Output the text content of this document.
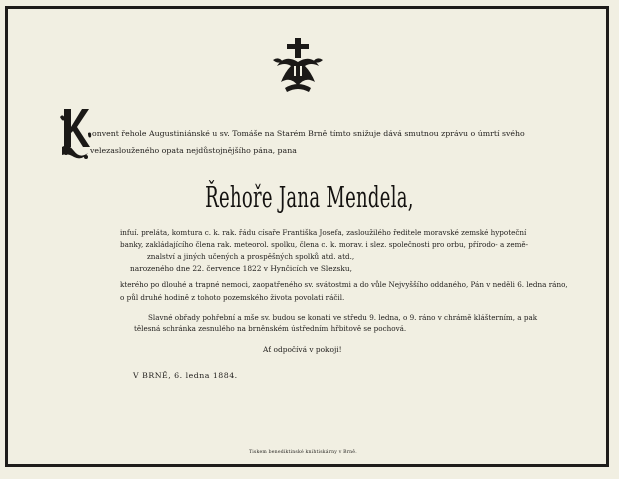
onvent řehole Augustiniánské u sv. Tomáše na Starém Brně tímto snižuje dává smutnou zprávu o úmrtí svého
velezaslouženého opata nejdůstojnějšího pána, pana
Řehoře Jana Mendela,
infuí. preláta, komtura c. k. rak. řádu císaře Františka Josefa, zasloužilého ředitele moravské zemské hypoteční
banky, zakládajícího člena rak. meteorol. spolku, člena c. k. morav. i slez. společnosti pro orbu, přírodo- a země-
znalství a jiných učených a prospěšných spolků atd. atd.,
narozeného dne 22. července 1822 v Hynčicích ve Slezsku,
kterého po dlouhé a trapné nemoci, zaopatřeného sv. svátostmi a do vůle Nejvyššího oddaného, Pán v neděli 6. ledna ráno,
o půl druhé hodině z tohoto pozemského života povolati ráčil.
Slavné obřady pohřební a mše sv. budou se konati ve středu 9. ledna, o 9. ráno v chrámě klášterním, a pak
tělesná schránka zesnulého na brněnském ústředním hřbitově se pochová.
Ať odpočívá v pokoji!
V BRNĚ, 6. ledna 1884.
Tiskem benediktinské knihtiskárny v Brně.
